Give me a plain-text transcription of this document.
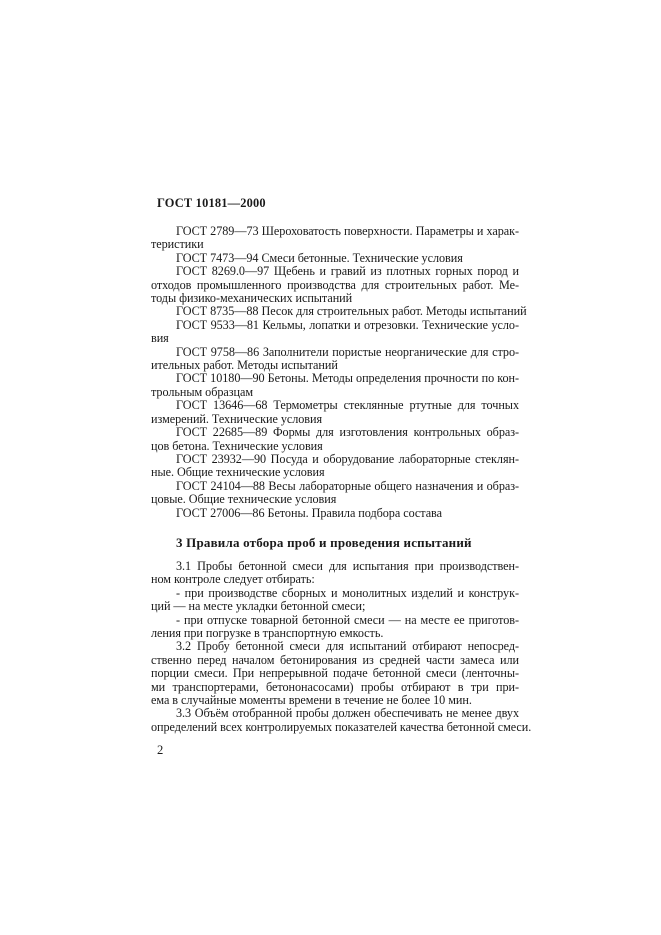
ГОСТ 10181—2000
ГОСТ 2789—73 Шероховатость поверхности. Параметры и харак-
теристики
ГОСТ 7473—94 Смеси бетонные. Технические условия
ГОСТ 8269.0—97 Щебень и гравий из плотных горных пород и
отходов промышленного производства для строительных работ. Ме-
тоды физико-механических испытаний
ГОСТ 8735—88 Песок для строительных работ. Методы испытаний
ГОСТ 9533—81 Кельмы, лопатки и отрезовки. Технические усло-
вия
ГОСТ 9758—86 Заполнители пористые неорганические для стро-
ительных работ. Методы испытаний
ГОСТ 10180—90 Бетоны. Методы определения прочности по кон-
трольным образцам
ГОСТ 13646—68 Термометры стеклянные ртутные для точных
измерений. Технические условия
ГОСТ 22685—89 Формы для изготовления контрольных образ-
цов бетона. Технические условия
ГОСТ 23932—90 Посуда и оборудование лабораторные стеклян-
ные. Общие технические условия
ГОСТ 24104—88 Весы лабораторные общего назначения и образ-
цовые. Общие технические условия
ГОСТ 27006—86 Бетоны. Правила подбора состава
3 Правила отбора проб и проведения испытаний
3.1 Пробы бетонной смеси для испытания при производствен-
ном контроле следует отбирать:
- при производстве сборных и монолитных изделий и конструк-
ций — на месте укладки бетонной смеси;
- при отпуске товарной бетонной смеси — на месте ее приготов-
ления при погрузке в транспортную емкость.
3.2 Пробу бетонной смеси для испытаний отбирают непосред-
ственно перед началом бетонирования из средней части замеса или
порции смеси. При непрерывной подаче бетонной смеси (ленточны-
ми транспортерами, бетононасосами) пробы отбирают в три при-
ема в случайные моменты времени в течение не более 10 мин.
3.3 Объём отобранной пробы должен обеспечивать не менее двух
определений всех контролируемых показателей качества бетонной смеси.
2
